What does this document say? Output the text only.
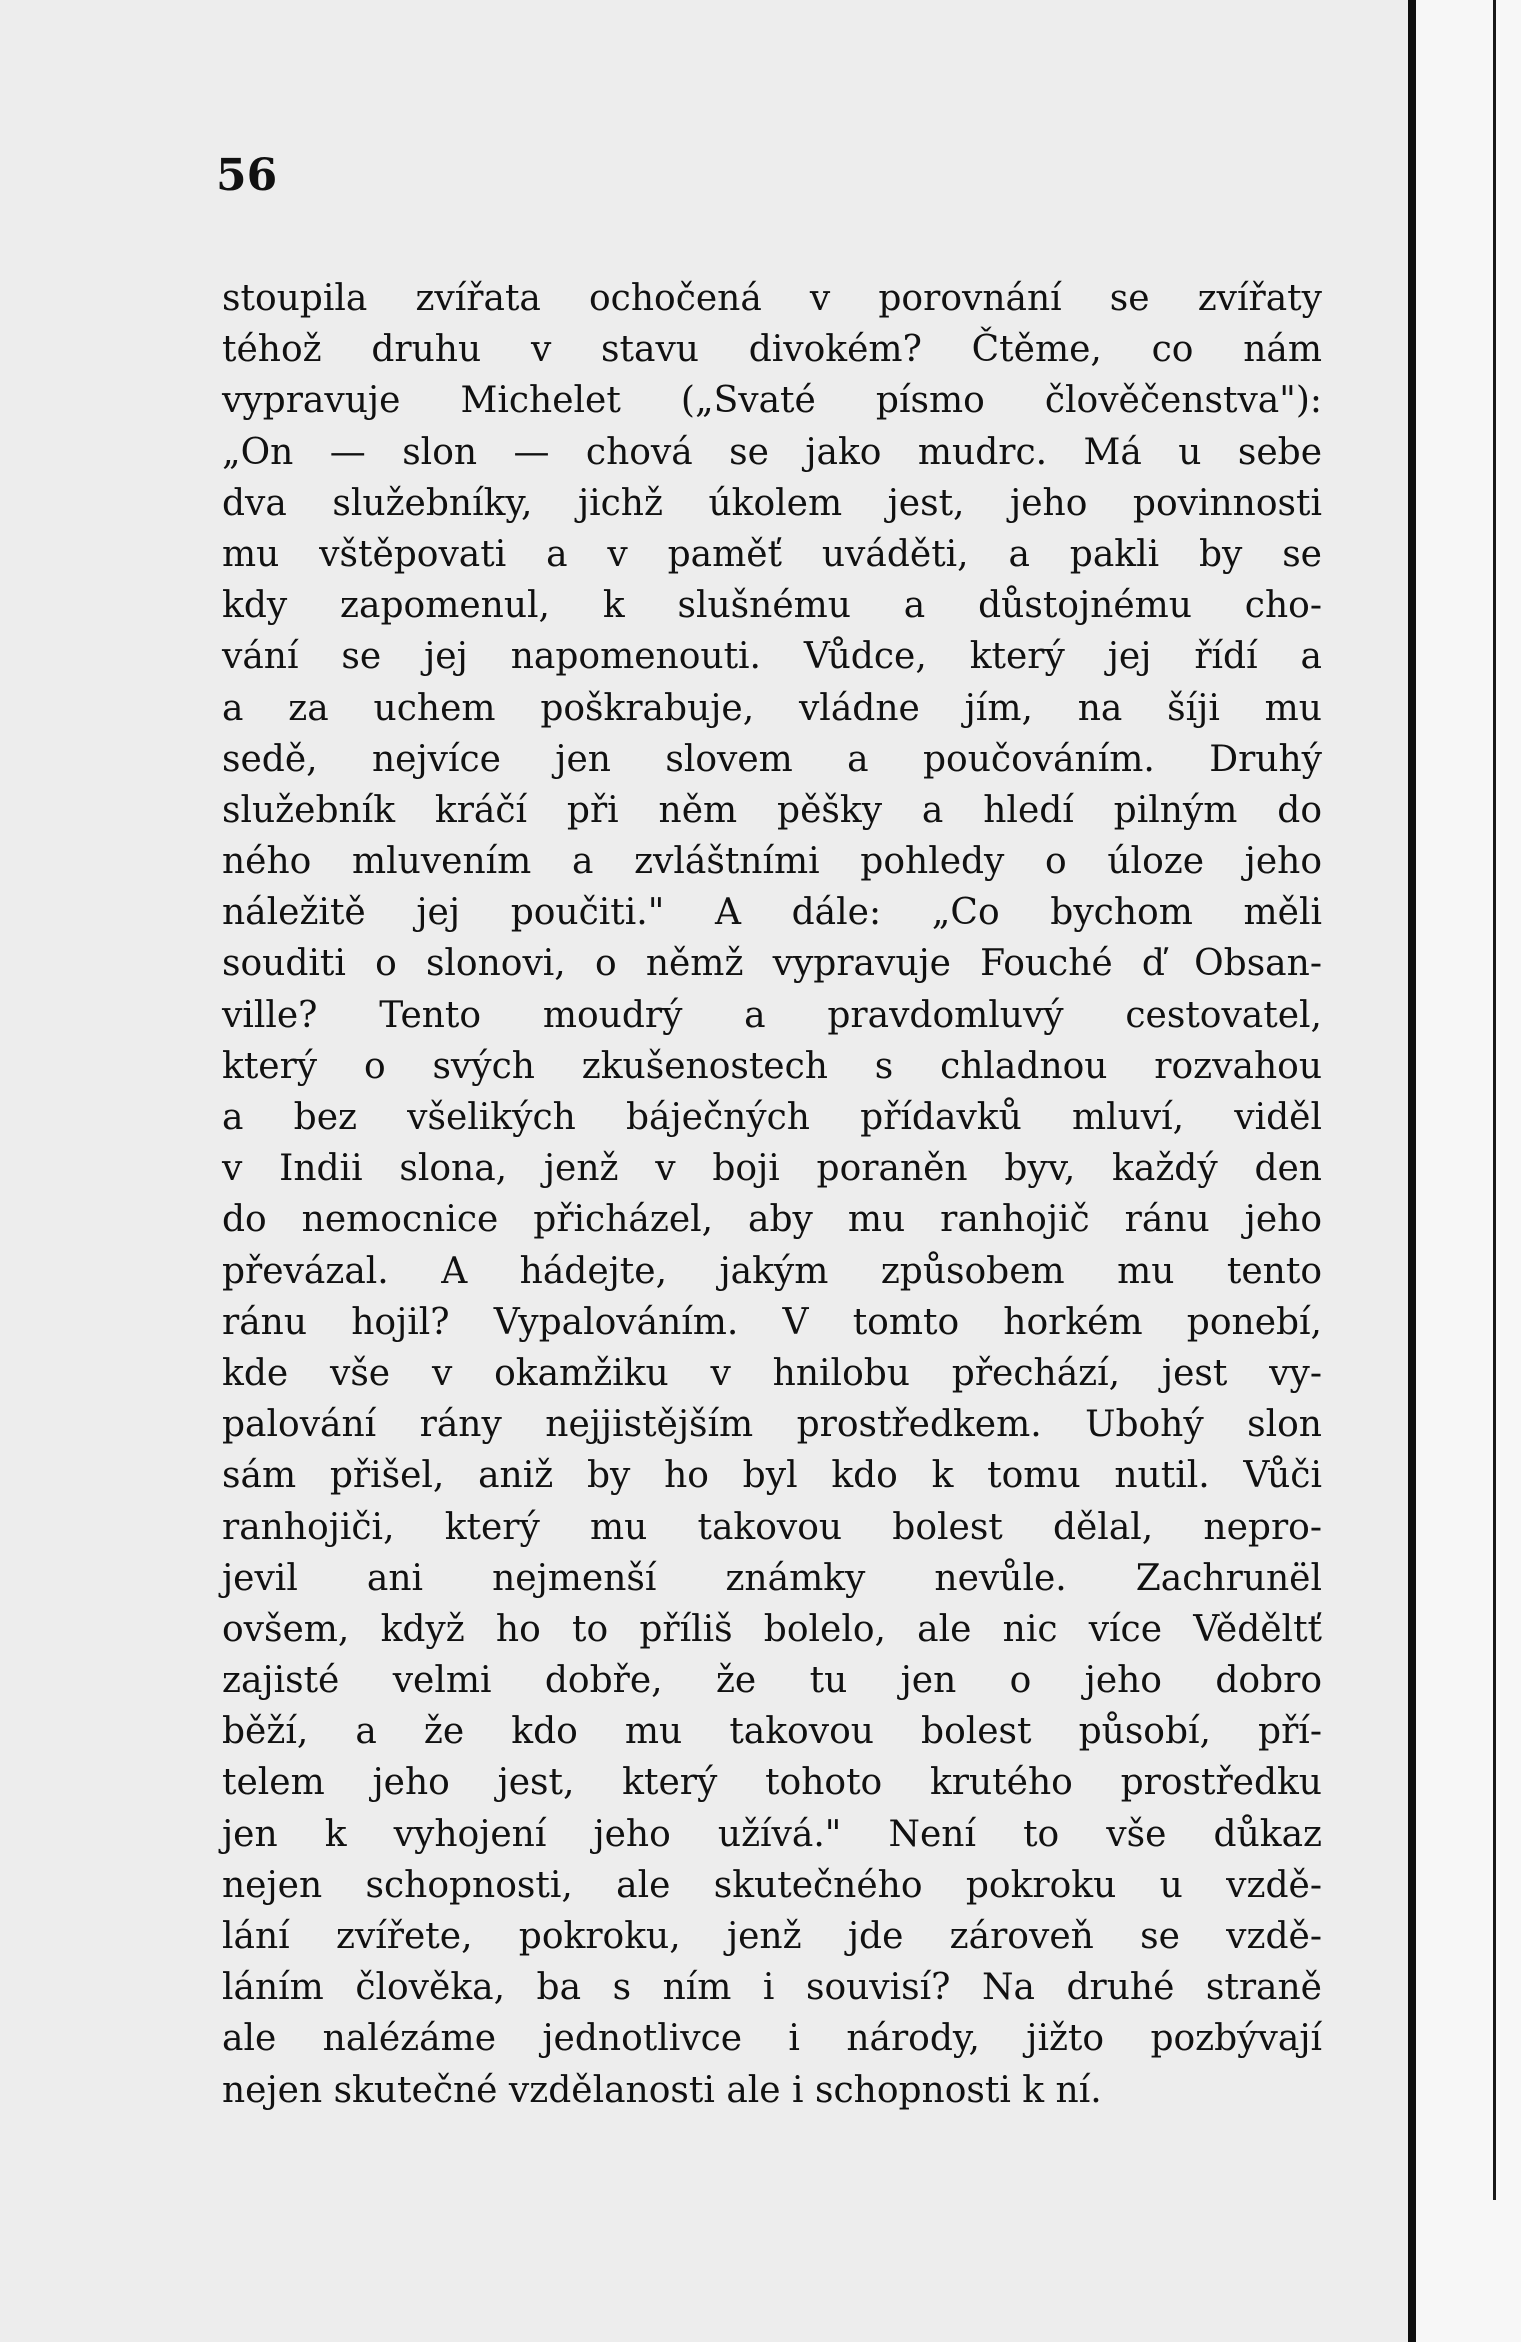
56
stoupila zvířata ochočená v porovnání se zvířaty
téhož druhu v stavu divokém? Čtěme, co nám
vypravuje Michelet („Svaté písmo člověčenstva"):
„On — slon — chová se jako mudrc. Má u sebe
dva služebníky, jichž úkolem jest, jeho povinnosti
mu vštěpovati a v paměť uváděti, a pakli by se
kdy zapomenul, k slušnému a důstojnému cho-
vání se jej napomenouti. Vůdce, který jej řídí a
a za uchem poškrabuje, vládne jím, na šíji mu
sedě, nejvíce jen slovem a poučováním. Druhý
služebník kráčí při něm pěšky a hledí pilným do
ného mluvením a zvláštními pohledy o úloze jeho
náležitě jej poučiti." A dále: „Co bychom měli
souditi o slonovi, o němž vypravuje Fouché ď Obsan-
ville? Tento moudrý a pravdomluvý cestovatel,
který o svých zkušenostech s chladnou rozvahou
a bez všelikých báječných přídavků mluví, viděl
v Indii slona, jenž v boji poraněn byv, každý den
do nemocnice přicházel, aby mu ranhojič ránu jeho
převázal. A hádejte, jakým způsobem mu tento
ránu hojil? Vypalováním. V tomto horkém ponebí,
kde vše v okamžiku v hnilobu přechází, jest vy-
palování rány nejjistějším prostředkem. Ubohý slon
sám přišel, aniž by ho byl kdo k tomu nutil. Vůči
ranhojiči, který mu takovou bolest dělal, nepro-
jevil ani nejmenší známky nevůle. Zachrunël
ovšem, když ho to příliš bolelo, ale nic více Věděltť
zajisté velmi dobře, že tu jen o jeho dobro
běží, a že kdo mu takovou bolest působí, pří-
telem jeho jest, který tohoto krutého prostředku
jen k vyhojení jeho užívá." Není to vše důkaz
nejen schopnosti, ale skutečného pokroku u vzdě-
lání zvířete, pokroku, jenž jde zároveň se vzdě-
láním člověka, ba s ním i souvisí? Na druhé straně
ale nalézáme jednotlivce i národy, jižto pozbývají
nejen skutečné vzdělanosti ale i schopnosti k ní.
